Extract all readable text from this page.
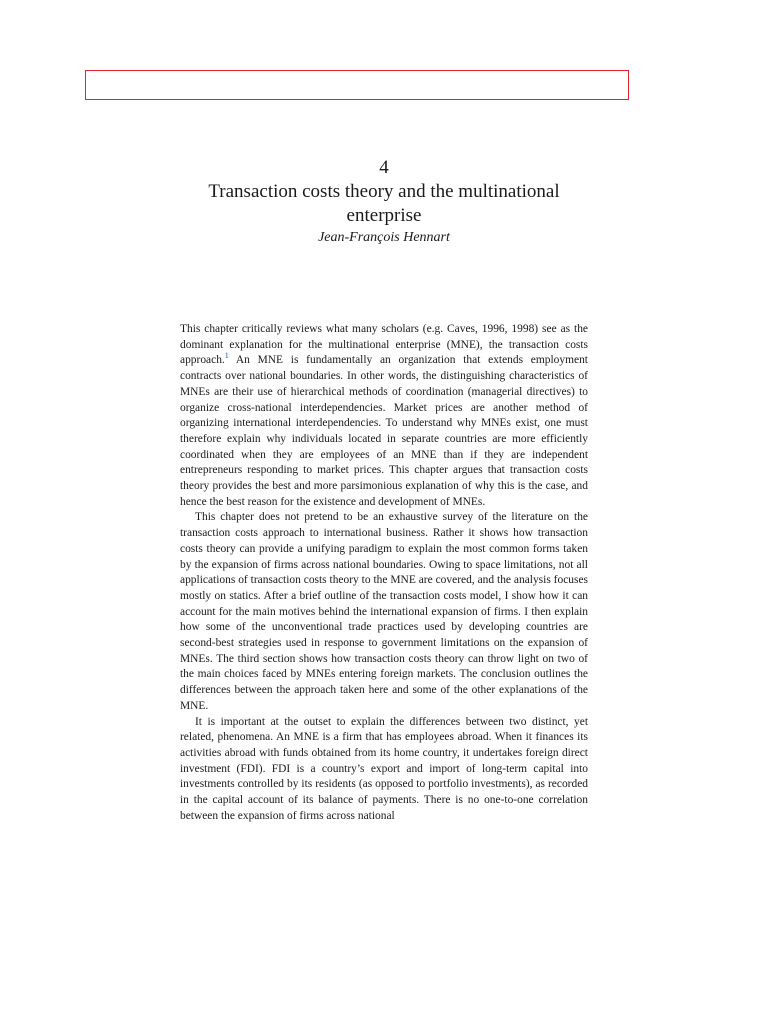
4
Transaction costs theory and the multinational enterprise
Jean-François Hennart

This chapter critically reviews what many scholars (e.g. Caves, 1996, 1998) see as the dominant explanation for the multinational enterprise (MNE), the transaction costs approach.$^1$ An MNE is fundamentally an organization that extends employment contracts over national boundaries. In other words, the distinguishing characteristics of MNEs are their use of hierarchical methods of coordination (managerial directives) to organize cross-national interdependencies. Market prices are another method of organizing international interdependencies. To understand why MNEs exist, one must therefore explain why individuals located in separate countries are more efficiently coordinated when they are employees of an MNE than if they are independent entrepreneurs responding to market prices. This chapter argues that transaction costs theory provides the best and more parsimonious explanation of why this is the case, and hence the best reason for the existence and development of MNEs.

This chapter does not pretend to be an exhaustive survey of the literature on the transaction costs approach to international business. Rather it shows how transaction costs theory can provide a unifying paradigm to explain the most common forms taken by the expansion of firms across national boundaries. Owing to space limitations, not all applications of transaction costs theory to the MNE are covered, and the analysis focuses mostly on statics. After a brief outline of the transaction costs model, I show how it can account for the main motives behind the international expansion of firms. I then explain how some of the unconventional trade practices used by developing countries are second-best strategies used in response to government limitations on the expansion of MNEs. The third section shows how transaction costs theory can throw light on two of the main choices faced by MNEs entering foreign markets. The conclusion outlines the differences between the approach taken here and some of the other explanations of the MNE.

It is important at the outset to explain the differences between two distinct, yet related, phenomena. An MNE is a firm that has employees abroad. When it finances its activities abroad with funds obtained from its home country, it undertakes foreign direct investment (FDI). FDI is a country’s export and import of long-term capital into investments controlled by its residents (as opposed to portfolio investments), as recorded in the capital account of its balance of payments. There is no one-to-one correlation between the expansion of firms across national
